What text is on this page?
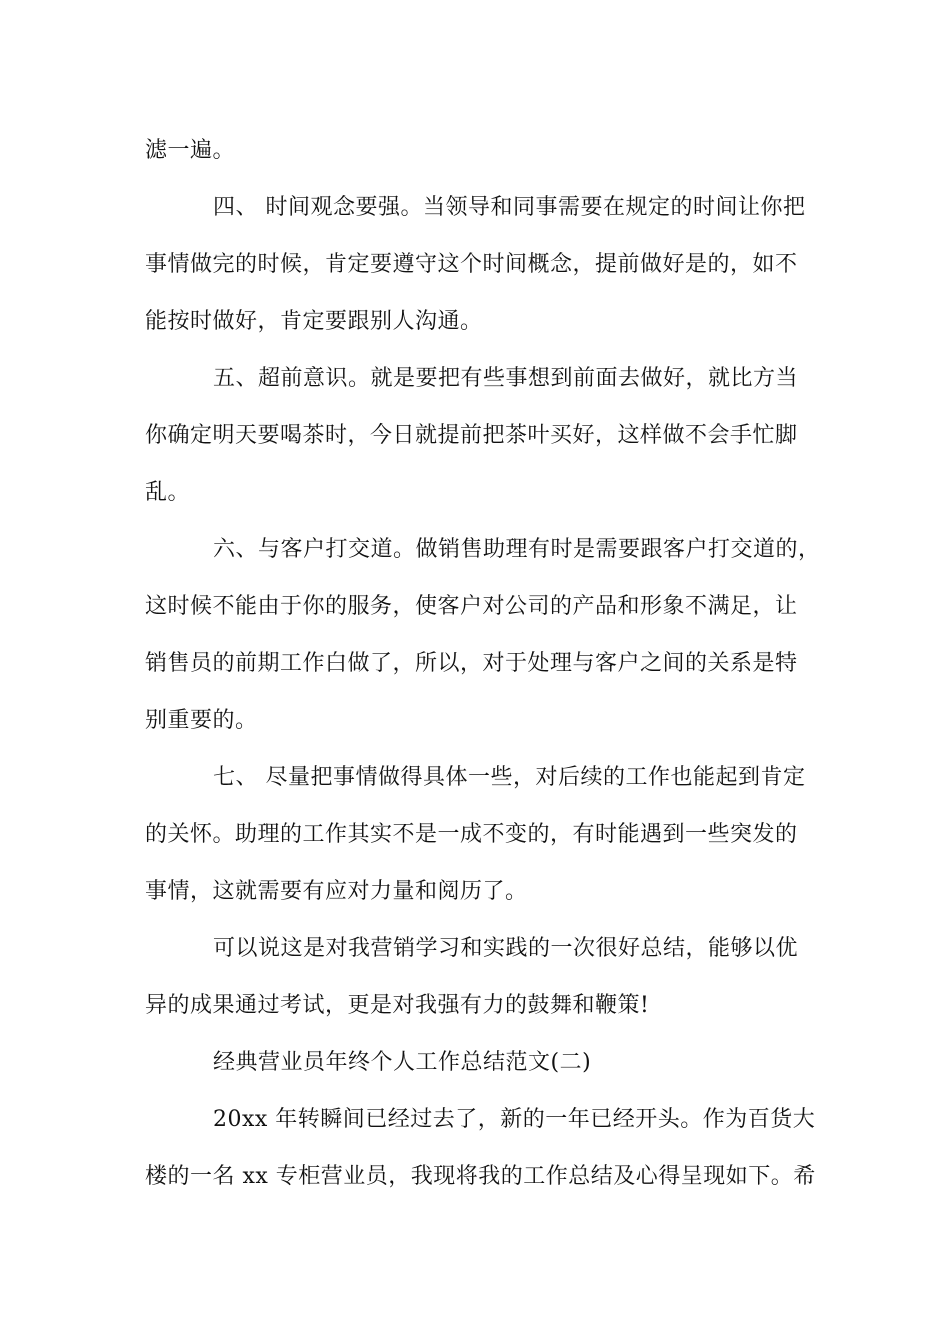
滤一遍。
四、 时间观念要强。当领导和同事需要在规定的时间让你把
事情做完的时候，肯定要遵守这个时间概念，提前做好是的，如不
能按时做好，肯定要跟别人沟通。
五、超前意识。就是要把有些事想到前面去做好，就比方当
你确定明天要喝茶时，今日就提前把茶叶买好，这样做不会手忙脚
乱。
六、与客户打交道。做销售助理有时是需要跟客户打交道的，
这时候不能由于你的服务，使客户对公司的产品和形象不满足，让
销售员的前期工作白做了，所以，对于处理与客户之间的关系是特
别重要的。
七、 尽量把事情做得具体一些，对后续的工作也能起到肯定
的关怀。助理的工作其实不是一成不变的，有时能遇到一些突发的
事情，这就需要有应对力量和阅历了。
可以说这是对我营销学习和实践的一次很好总结，能够以优
异的成果通过考试，更是对我强有力的鼓舞和鞭策!
经典营业员年终个人工作总结范文(二)
20xx 年转瞬间已经过去了，新的一年已经开头。作为百货大
楼的一名 xx 专柜营业员，我现将我的工作总结及心得呈现如下。希
